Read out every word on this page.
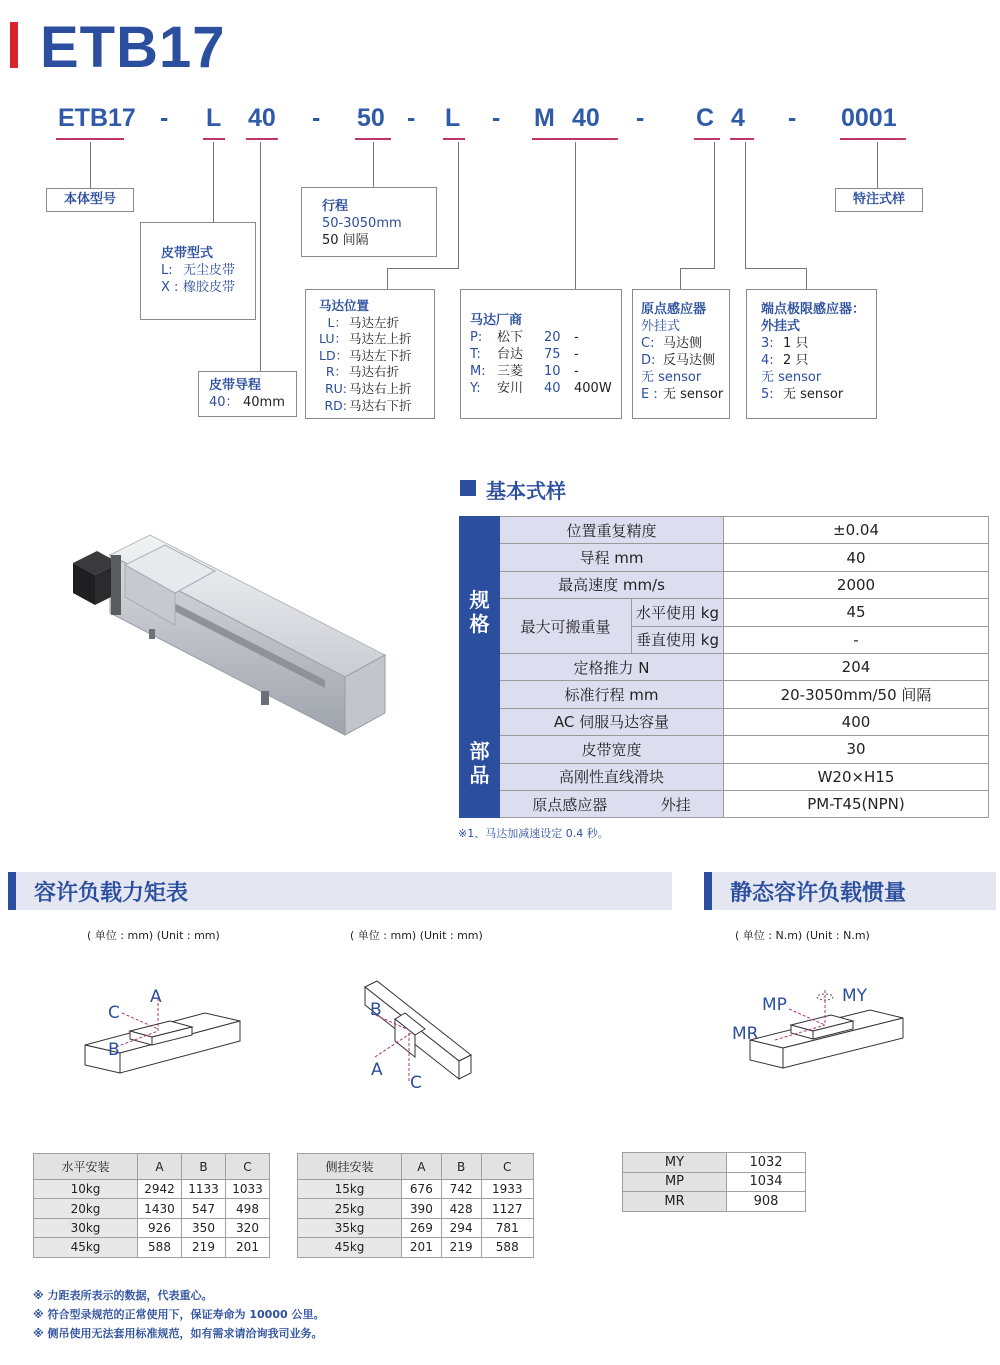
ETB17
ETB17 - L 40 - 50 - L - M 40 - C 4 - 0001
本体型号	特注式样
皮带型式
L: 无尘皮带
X : 橡胶皮带
行程
50-3050mm
50 间隔
皮带导程
40： 40mm
马达位置
L： 马达左折
LU： 马达左上折
LD： 马达左下折
R： 马达右折
RU: 马达右上折
RD: 马达右下折
马达厂商
P:	松下	20	-
T:	台达	75	-
M: 三菱	10	-
Y:	安川	40	400W
原点感应器
外挂式
C: 马达侧
D: 反马达侧
无 sensor
E : 无 sensor
端点极限感应器：
外挂式
3: 1 只
4: 2 只
无 sensor
5: 无 sensor
基本式样
规格	位置重复精度		±0.04
	导程 mm		40
	最高速度 mm/s		2000
	最大可搬重量	水平使用 kg	45
		垂直使用 kg	-
	定格推力 N		204
	标准行程 mm		20-3050mm/50 间隔

部品	AC 伺服马达容量		400
	皮带宽度		30
	高刚性直线滑块		W20×H15
	原点感应器 外挂		PM-T45(NPN)
※1、马达加减速设定 0.4 秒。
容许负载力矩表	静态容许负载惯量
( 单位 : mm) (Unit : mm)	( 单位 : mm) (Unit : mm)	( 单位 : N.m) (Unit : N.m)
A
C
B
B
A
C
MP	MY
MR
水平安装	A	B	C
10kg	2942	1133	1033
20kg	1430	547	498
30kg	926	350	320
45kg	588	219	201
侧挂安装	A	B	C
15kg	676	742	1933
25kg	390	428	1127
35kg	269	294	781
45kg	201	219	588
MY	1032
MP	1034
MR	908
※ 力距表所表示的数据，代表重心。
※ 符合型录规范的正常使用下，保证寿命为 10000 公里。
※ 侧吊使用无法套用标准规范，如有需求请洽询我司业务。
